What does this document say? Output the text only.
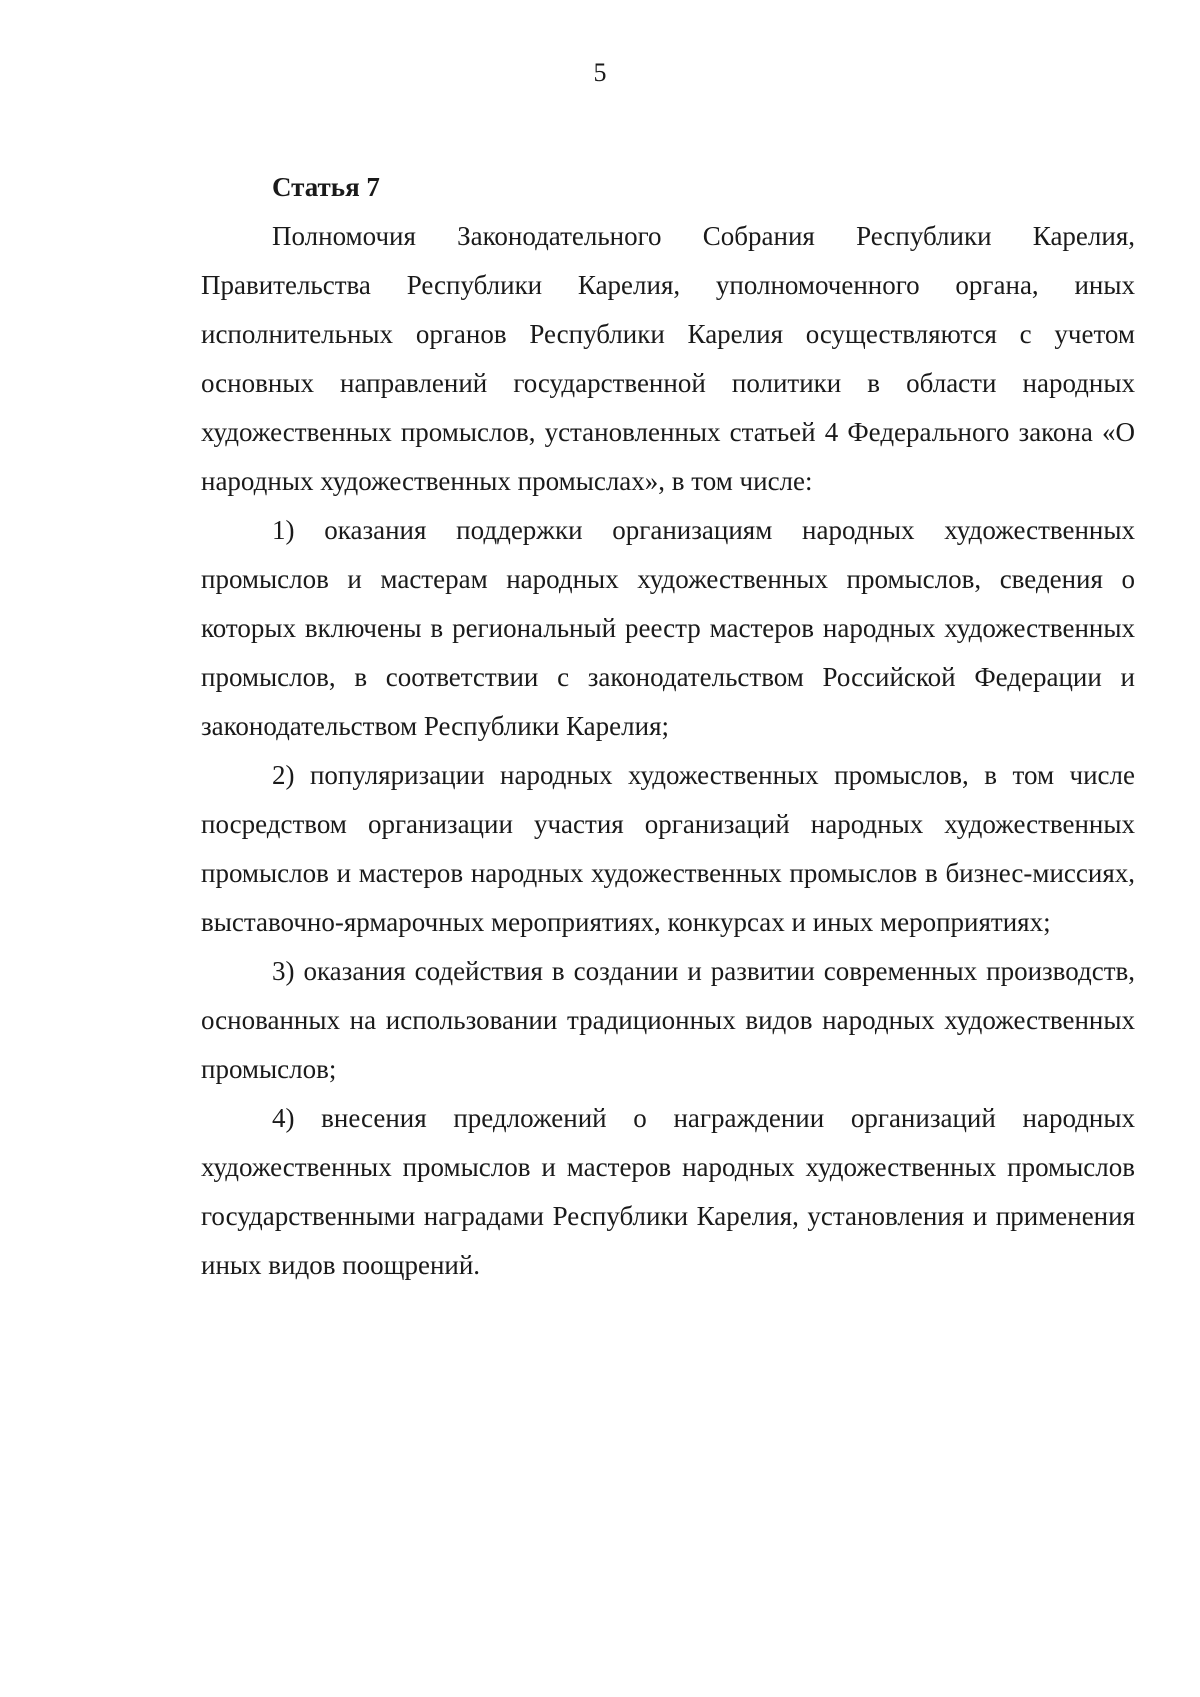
5

Статья 7

Полномочия Законодательного Собрания Республики Карелия, Правительства Республики Карелия, уполномоченного органа, иных исполнительных органов Республики Карелия осуществляются с учетом основных направлений государственной политики в области народных художественных промыслов, установленных статьей 4 Федерального закона «О народных художественных промыслах», в том числе:

1) оказания поддержки организациям народных художественных промыслов и мастерам народных художественных промыслов, сведения о которых включены в региональный реестр мастеров народных художественных промыслов, в соответствии с законодательством Российской Федерации и законодательством Республики Карелия;

2) популяризации народных художественных промыслов, в том числе посредством организации участия организаций народных художественных промыслов и мастеров народных художественных промыслов в бизнес-миссиях, выставочно-ярмарочных мероприятиях, конкурсах и иных мероприятиях;

3) оказания содействия в создании и развитии современных производств, основанных на использовании традиционных видов народных художественных промыслов;

4) внесения предложений о награждении организаций народных художественных промыслов и мастеров народных художественных промыслов государственными наградами Республики Карелия, установления и применения иных видов поощрений.
